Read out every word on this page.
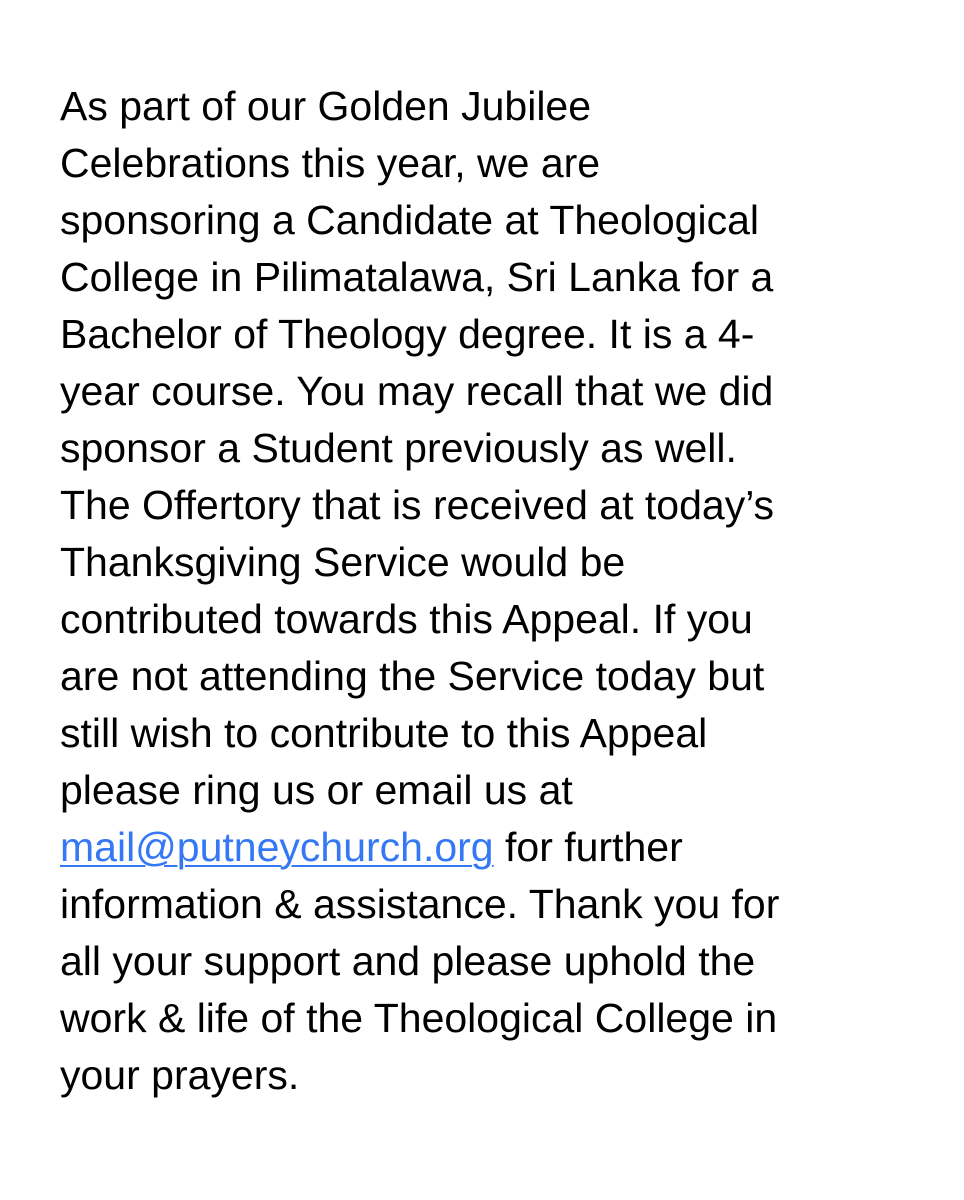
As part of our Golden Jubilee
Celebrations this year, we are
sponsoring a Candidate at Theological
College in Pilimatalawa, Sri Lanka for a
Bachelor of Theology degree. It is a 4-
year course. You may recall that we did
sponsor a Student previously as well.
The Offertory that is received at today’s
Thanksgiving Service would be
contributed towards this Appeal. If you
are not attending the Service today but
still wish to contribute to this Appeal
please ring us or email us at
mail@putneychurch.org for further
information & assistance. Thank you for
all your support and please uphold the
work & life of the Theological College in
your prayers.
